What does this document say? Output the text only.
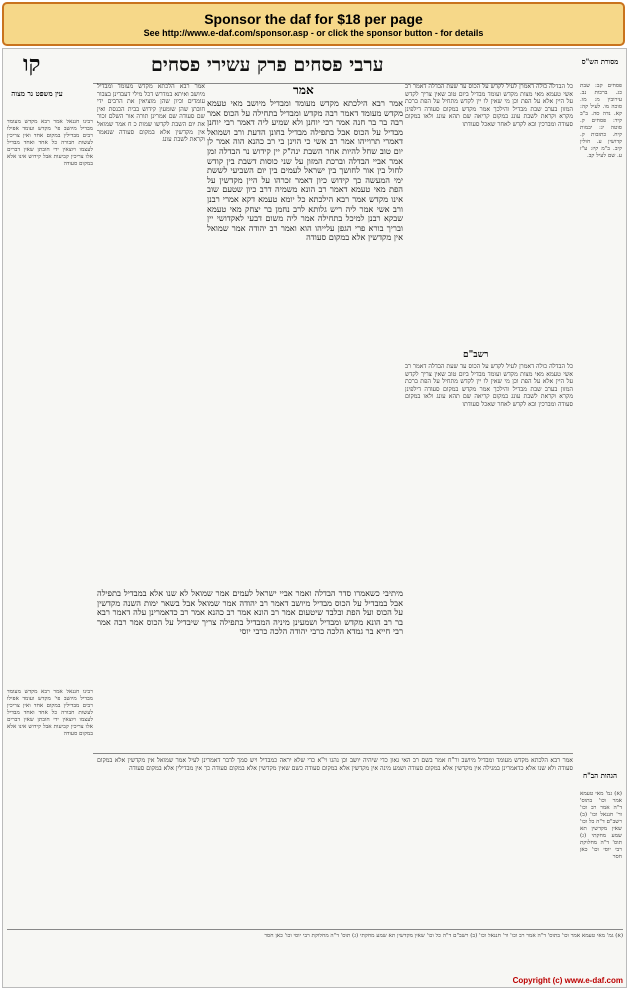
Sponsor the daf for $18 per page
See http://www.e-daf.com/sponsor.asp - or click the sponsor button - for details
קו	ערבי פסחים פרק עשירי פסחים	מסורת הש"ס
עין משפט נר מצוה
פסחים קב: שבת כג. ברכות נב. עירובין מ: מו. סוכה מו. לעיל קה: קא. נדה סה. ב"ב קיד: פסחים ק. סוטה יג: יבמות קיח. כתובות ק. קדושין ע. חולין קיב. ב"מ קיז: ע"ז ע. שם לעיל קב.
כל הבדלה כולה דאמרן לעיל לקדש על הכוס עד שעת הבדלה דאמר רב אשי טעמא מאי מצות מקדש ועומד מבדיל ביום טוב שאין צריך לקדש על היין אלא על הפת וכן מי שאין לו יין לקדש מתחיל על הפת ברכת המזון בערב שבת מבדיל והילכך אמר מקדש במקום סעודה דילפינן מקרא וקראת לשבת עונג במקום קריאה שם תהא עונג ולאו במקום סעודה ומברכין ובא לקדש לאחר שאכל סעודתו
רשב"ם
כל הבדלה כולה דאמרן לעיל לקדש על הכוס עד שעת הבדלה דאמר רב אשי טעמא מאי מצות מקדש ועומד מבדיל ביום טוב שאין צריך לקדש על היין אלא על הפת וכן מי שאין לו יין לקדש מתחיל על הפת ברכת המזון בערב שבת מבדיל והילכך אמר מקדש במקום סעודה דילפינן מקרא וקראת לשבת עונג במקום קריאה שם תהא עונג ולאו במקום סעודה ומברכין ובא לקדש לאחר שאכל סעודתו
הגהות הב"ח
(א) גמ' מאי טעמא אמר וכו' בתוס' ד"ה אמר רב וכו' ור' חננאל וכו' (ב) רשב"ם ד"ה כל וכו' שאין מקדשין תא שמע מחקתי (ג) תוס' ד"ה מחלוקת רבי יוסי וכו' כאן חסר
אמר
אמר רבא הילכתא מקדש מעומד ומבדיל מיושב מאי טעמא מקדש מעומד דאמר רבה מקדש ומבדיל בתחילה על הכוס אמר רבה בר בר חנה אמר רבי יוחנן ולא שמיע ליה דאמר רבי יוחנן מבדיל על הכוס אבל בתפילה מבדיל בחונן הדעת ורב ושמואל דאמרי תרוייהו אמר רב אשי כי הוינן בי רב כהנא הוה אמר לן יום טוב שחל להיות אחר השבת ינה"ק יין קידוש נר הבדלה זמן אמר אביי הבדלה וברכת המזון על שני כוסות דשבת בין קודש לחול בין אור לחושך בין ישראל לעמים בין יום השביעי לששת ימי המעשה כך קידוש כיון דאמר זכרהו על היין מקדשין על הפת מאי טעמא דאמר רב הונא משמיה דרב כיון שטעם שוב אינו מקדש אמר רבא הילכתא כל יומא טעמא דקא אמרי רבנן ורב אשי אמר ליה ריש גלותא לרב נחמן בר יצחק מאי טעמא שבקא רבנן למיכל בתחילה אמר ליה משום דבעי לאקדושי יין ובריך בורא פרי הגפן עלייהו הוא ואמר רב יהודה אמר שמואל אין מקדשין אלא במקום סעודה
מיתיבי כשאמרו סדר הבדלה ואמר אביי ישראל לעמים אמר שמואל לא שנו אלא במבדיל בתפילה אבל במבדיל על הכוס מבדיל מיושב דאמר רב יהודה אמר שמואל אבל בשאר ימות השנה מקדשין על הכוס ועל הפת ובלבד שיטעום אמר רב הונא אמר רב כהנא אמר רב כדאמרינן עלה דאמר רבא בר רב הונא מקדש ומבדיל ושמעינן מיניה המבדיל בתפילה צריך שיבדיל על הכוס אמר רבה אמר רבי חייא בר גמדא הלכה כרבי יהודה הלכה כרבי יוסי
אמר רבא הלכתא מקדש מעומד ומבדיל מיושב ואיתא במדרש דכל מילי דעבדינן בצבור עומדים וכיון שהן מוציאין את הרבים ידי חובתן שהן שומעין קידוש בבית הכנסת ואין שם סעודה שם אמרינן תורה אור השלם זכור את יום השבת לקדשו שמות כ ח אמר שמואל אין מקדשין אלא במקום סעודה שנאמר וקראת לשבת עונג
רבינו חננאל אמר רבא מקדש מעומד מבדיל מיושב פי' מקדש ועומד אפילו רבים מבדילין במקום אחד ואין צריכין לעשות חבורה כל אחד ואחד מבדיל לעצמו ויוצאין ידי חובתן שאין דברים אלו צריכין קביעות אבל קידוש אינו אלא במקום סעודה
רבינו חננאל אמר רבא מקדש מעומד מבדיל מיושב פי' מקדש ועומד אפילו רבים מבדילין במקום אחד ואין צריכין לעשות חבורה כל אחד ואחד מבדיל לעצמו ויוצאין ידי חובתן שאין דברים אלו צריכין קביעות אבל קידוש אינו אלא במקום סעודה
אמר רבא הלכתא מקדש מעומד ומבדיל מיושב ור"ח אמר בשם רב האי גאון כדי שיהיה יושב וכן נהגו וי"א כדי שלא יראה כמבדיל ויש סמך לדבר דאמרינן לעיל אמר שמואל אין מקדשין אלא במקום סעודה ולא שנו אלא כדאמרינן במגילה אין מקדשין אלא במקום סעודה ושמע מינה אין מקדשין אלא במקום סעודה כשם שאין מקדשין אלא במקום סעודה כך אין מבדילין אלא במקום סעודה
(א) גמ' מאי טעמא אמר וכו' בתוס' ד"ה אמר רב וכו' ור' חננאל וכו' (ב) רשב"ם ד"ה כל וכו' שאין מקדשין תא שמע מחקתי (ג) תוס' ד"ה מחלוקת רבי יוסי וכו' כאן חסר
Copyright (c) www.e-daf.com
